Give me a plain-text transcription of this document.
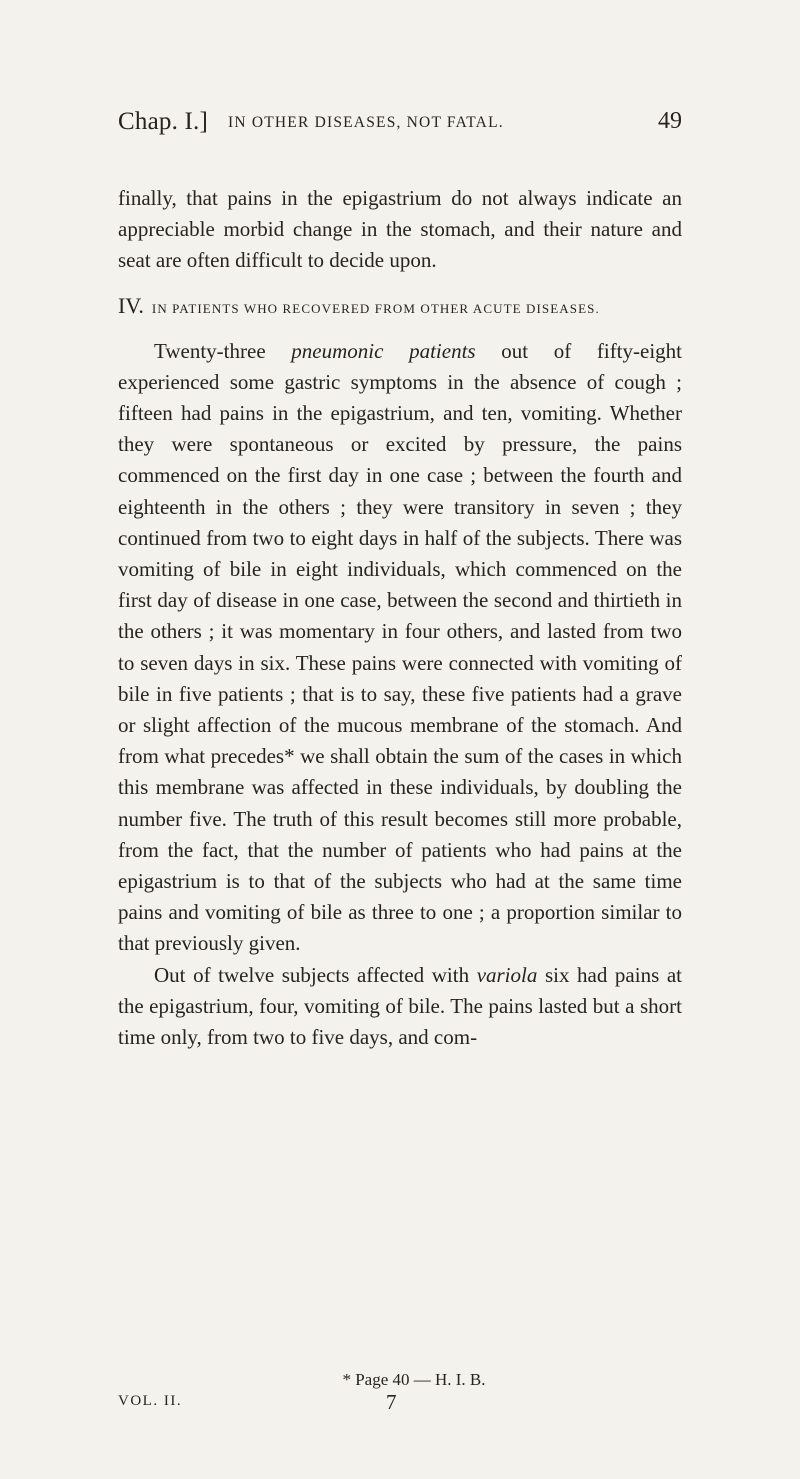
Chap. I.] IN OTHER DISEASES, NOT FATAL.	49

finally, that pains in the epigastrium do not always indicate an appreciable morbid change in the stomach, and their nature and seat are often difficult to decide upon.

IV. IN PATIENTS WHO RECOVERED FROM OTHER ACUTE DISEASES.

Twenty-three pneumonic patients out of fifty-eight experienced some gastric symptoms in the absence of cough ; fifteen had pains in the epigastrium, and ten, vomiting. Whether they were spontaneous or excited by pressure, the pains commenced on the first day in one case ; between the fourth and eighteenth in the others ; they were transitory in seven ; they continued from two to eight days in half of the subjects. There was vomiting of bile in eight individuals, which commenced on the first day of disease in one case, between the second and thirtieth in the others ; it was momentary in four others, and lasted from two to seven days in six. These pains were connected with vomiting of bile in five patients ; that is to say, these five patients had a grave or slight affection of the mucous membrane of the stomach. And from what precedes* we shall obtain the sum of the cases in which this membrane was affected in these individuals, by doubling the number five. The truth of this result becomes still more probable, from the fact, that the number of patients who had pains at the epigastrium is to that of the subjects who had at the same time pains and vomiting of bile as three to one ; a proportion similar to that previously given.

Out of twelve subjects affected with variola six had pains at the epigastrium, four, vomiting of bile. The pains lasted but a short time only, from two to five days, and com-

* Page 40 — H. I. B.
VOL. II.	7
